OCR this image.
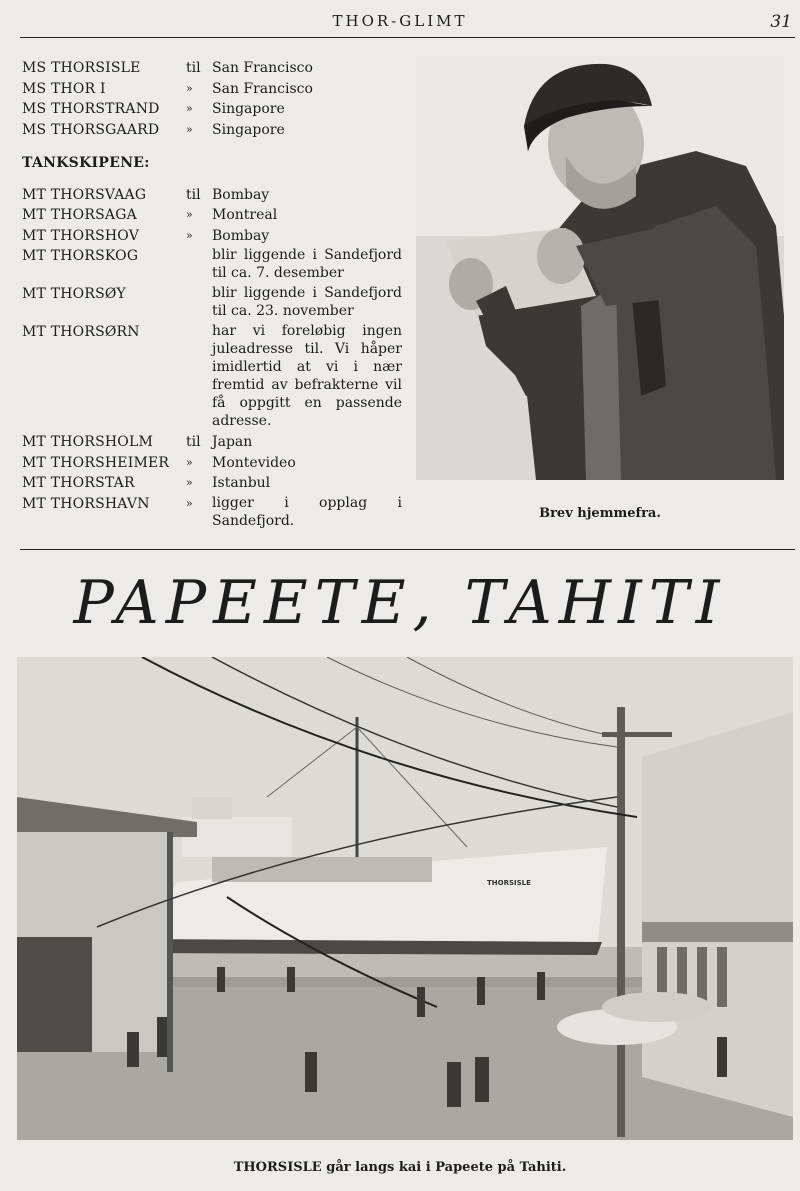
THOR-GLIMT	31
MS THORSISLE	til San Francisco
MS THOR I	»	San Francisco
MS THORSTRAND	»	Singapore
MS THORSGAARD	»	Singapore
TANKSKIPENE:
MT THORSVAAG	til Bombay
MT THORSAGA	»	Montreal
MT THORSHOV	»	Bombay
MT THORSKOG	blir liggende i Sandefjord til ca. 7. desember
MT THORSØY	blir liggende i Sandefjord til ca. 23. november
MT THORSØRN	har vi foreløbig ingen juleadresse til. Vi håper imidlertid at vi i nær fremtid av befrakterne vil få oppgitt en passende adresse.
MT THORSHOLM	til Japan
MT THORSHEIMER	»	Montevideo
MT THORSTAR	»	Istanbul
MT THORSHAVN	»	ligger i opplag i Sandefjord.	Brev hjemmefra.
PAPEETE, TAHITI
THORSISLE
THORSISLE går langs kai i Papeete på Tahiti.
